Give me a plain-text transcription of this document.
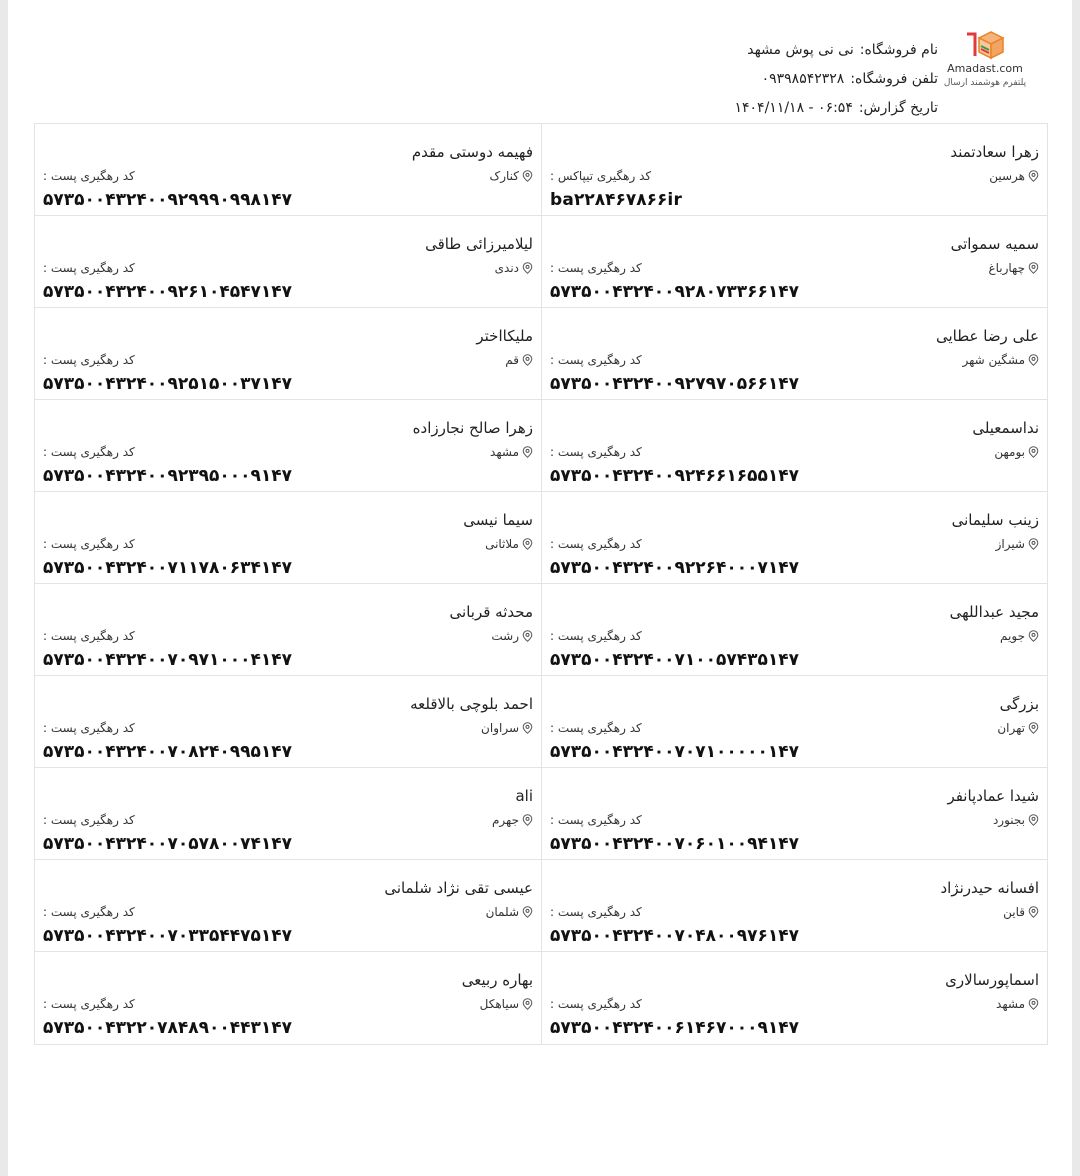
Amadast.com
پلتفرم هوشمند ارسال
نام فروشگاه:نی نی پوش مشهد
تلفن فروشگاه:۰۹۳۹۸۵۴۲۳۲۸
تاریخ گزارش:۰۶:۵۴ - ۱۴۰۴/۱۱/۱۸
زهرا سعادتمند
هرسین
کد رهگیری تیپاکس :
ba۲۲۸۴۶۷۸۶۶ir
فهیمه دوستی مقدم
کنارک
کد رهگیری پست :
۵۷۳۵۰۰۴۳۲۴۰۰۹۲۹۹۹۰۹۹۸۱۴۷
سمیه سمواتی
چهارباغ
کد رهگیری پست :
۵۷۳۵۰۰۴۳۲۴۰۰۹۲۸۰۷۳۳۶۶۱۴۷
لیلامیرزائی طاقی
دندی
کد رهگیری پست :
۵۷۳۵۰۰۴۳۲۴۰۰۹۲۶۱۰۴۵۴۷۱۴۷
علی رضا عطایی
مشگین شهر
کد رهگیری پست :
۵۷۳۵۰۰۴۳۲۴۰۰۹۲۷۹۷۰۵۶۶۱۴۷
ملیکااختر
قم
کد رهگیری پست :
۵۷۳۵۰۰۴۳۲۴۰۰۹۲۵۱۵۰۰۳۷۱۴۷
نداسمعیلی
بومهن
کد رهگیری پست :
۵۷۳۵۰۰۴۳۲۴۰۰۹۲۴۶۶۱۶۵۵۱۴۷
زهرا صالح نجارزاده
مشهد
کد رهگیری پست :
۵۷۳۵۰۰۴۳۲۴۰۰۹۲۳۹۵۰۰۰۹۱۴۷
زینب سلیمانی
شیراز
کد رهگیری پست :
۵۷۳۵۰۰۴۳۲۴۰۰۹۲۲۶۴۰۰۰۷۱۴۷
سیما نیسی
ملاثانی
کد رهگیری پست :
۵۷۳۵۰۰۴۳۲۴۰۰۷۱۱۷۸۰۶۳۴۱۴۷
مجید عبداللهی
جویم
کد رهگیری پست :
۵۷۳۵۰۰۴۳۲۴۰۰۷۱۰۰۵۷۴۳۵۱۴۷
محدثه قربانی
رشت
کد رهگیری پست :
۵۷۳۵۰۰۴۳۲۴۰۰۷۰۹۷۱۰۰۰۴۱۴۷
بزرگی
تهران
کد رهگیری پست :
۵۷۳۵۰۰۴۳۲۴۰۰۷۰۷۱۰۰۰۰۰۱۴۷
احمد بلوچی بالاقلعه
سراوان
کد رهگیری پست :
۵۷۳۵۰۰۴۳۲۴۰۰۷۰۸۲۴۰۹۹۵۱۴۷
شیدا عمادپانفر
بجنورد
کد رهگیری پست :
۵۷۳۵۰۰۴۳۲۴۰۰۷۰۶۰۱۰۰۹۴۱۴۷
ali
جهرم
کد رهگیری پست :
۵۷۳۵۰۰۴۳۲۴۰۰۷۰۵۷۸۰۰۷۴۱۴۷
افسانه حیدرنژاد
قاین
کد رهگیری پست :
۵۷۳۵۰۰۴۳۲۴۰۰۷۰۴۸۰۰۹۷۶۱۴۷
عیسی تقی نژاد شلمانی
شلمان
کد رهگیری پست :
۵۷۳۵۰۰۴۳۲۴۰۰۷۰۳۳۵۴۴۷۵۱۴۷
اسماپورسالاری
مشهد
کد رهگیری پست :
۵۷۳۵۰۰۴۳۲۴۰۰۶۱۴۶۷۰۰۰۹۱۴۷
بهاره ربیعی
سیاهکل
کد رهگیری پست :
۵۷۳۵۰۰۴۳۲۲۰۷۸۴۸۹۰۰۴۴۳۱۴۷
